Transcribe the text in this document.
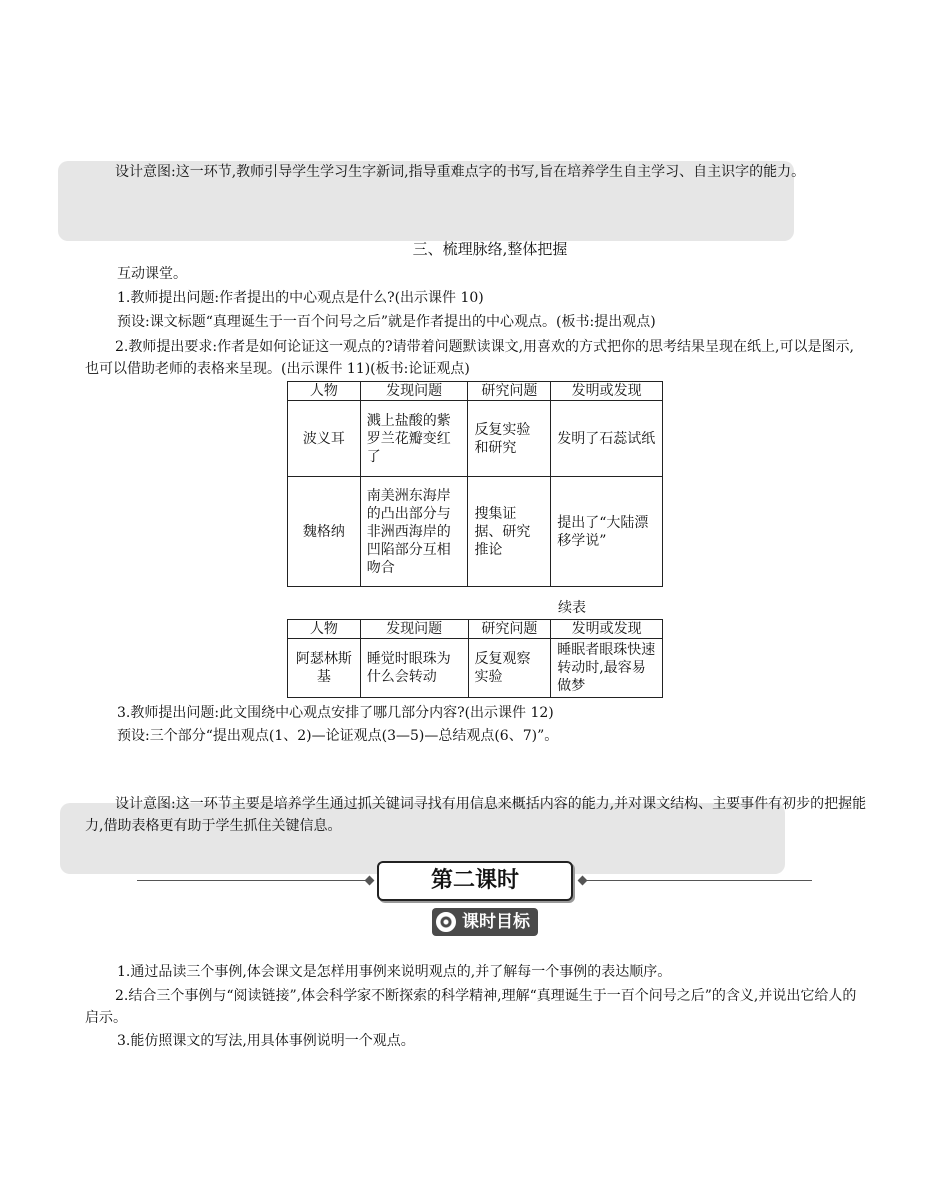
设计意图:这一环节,教师引导学生学习生字新词,指导重难点字的书写,旨在培养学生自主学习、自主识字的能力。

三、梳理脉络,整体把握

互动课堂。

1.教师提出问题:作者提出的中心观点是什么?(出示课件 10)

预设:课文标题“真理诞生于一百个问号之后”就是作者提出的中心观点。(板书:提出观点)

2.教师提出要求:作者是如何论证这一观点的?请带着问题默读课文,用喜欢的方式把你的思考结果呈现在纸上,可以是图示,也可以借助老师的表格来呈现。(出示课件 11)(板书:论证观点)

人物	发现问题	研究问题	发明或发现
波义耳	溅上盐酸的紫罗兰花瓣变红了	反复实验和研究	发明了石蕊试纸
魏格纳	南美洲东海岸的凸出部分与非洲西海岸的凹陷部分互相吻合	搜集证据、研究推论	提出了“大陆漂移学说”

续表

人物	发现问题	研究问题	发明或发现
阿瑟林斯基	睡觉时眼珠为什么会转动	反复观察实验	睡眠者眼珠快速转动时,最容易做梦

3.教师提出问题:此文围绕中心观点安排了哪几部分内容?(出示课件 12)

预设:三个部分“提出观点(1、2)—论证观点(3—5)—总结观点(6、7)”。

设计意图:这一环节主要是培养学生通过抓关键词寻找有用信息来概括内容的能力,并对课文结构、主要事件有初步的把握能力,借助表格更有助于学生抓住关键信息。

第二课时
课时目标

1.通过品读三个事例,体会课文是怎样用事例来说明观点的,并了解每一个事例的表达顺序。

2.结合三个事例与“阅读链接”,体会科学家不断探索的科学精神,理解“真理诞生于一百个问号之后”的含义,并说出它给人的启示。

3.能仿照课文的写法,用具体事例说明一个观点。
